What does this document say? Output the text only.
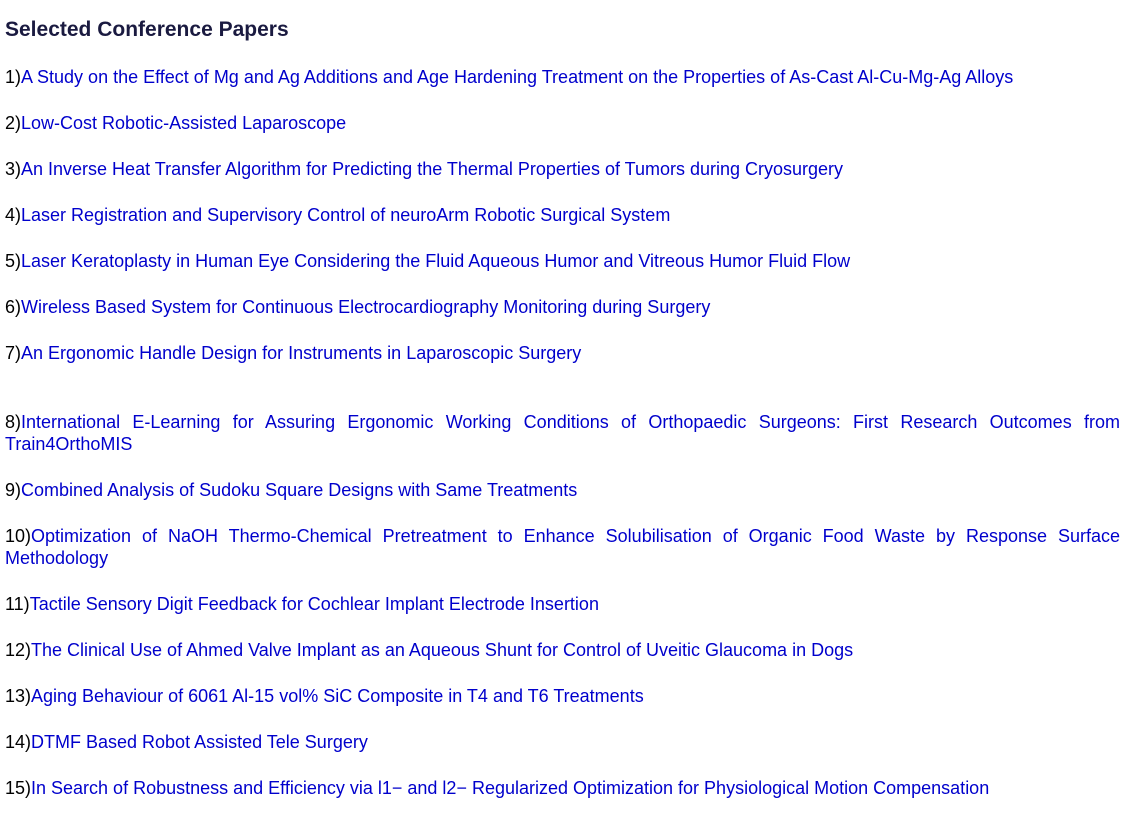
Selected Conference Papers
1)A Study on the Effect of Mg and Ag Additions and Age Hardening Treatment on the Properties of As-Cast Al-Cu-Mg-Ag Alloys
2)Low-Cost Robotic-Assisted Laparoscope
3)An Inverse Heat Transfer Algorithm for Predicting the Thermal Properties of Tumors during Cryosurgery
4)Laser Registration and Supervisory Control of neuroArm Robotic Surgical System
5)Laser Keratoplasty in Human Eye Considering the Fluid Aqueous Humor and Vitreous Humor Fluid Flow
6)Wireless Based System for Continuous Electrocardiography Monitoring during Surgery
7)An Ergonomic Handle Design for Instruments in Laparoscopic Surgery
8)International E-Learning for Assuring Ergonomic Working Conditions of Orthopaedic Surgeons: First Research Outcomes from Train4OrthoMIS
9)Combined Analysis of Sudoku Square Designs with Same Treatments
10)Optimization of NaOH Thermo-Chemical Pretreatment to Enhance Solubilisation of Organic Food Waste by Response Surface Methodology
11)Tactile Sensory Digit Feedback for Cochlear Implant Electrode Insertion
12)The Clinical Use of Ahmed Valve Implant as an Aqueous Shunt for Control of Uveitic Glaucoma in Dogs
13)Aging Behaviour of 6061 Al-15 vol% SiC Composite in T4 and T6 Treatments
14)DTMF Based Robot Assisted Tele Surgery
15)In Search of Robustness and Efficiency via l1− and l2− Regularized Optimization for Physiological Motion Compensation
